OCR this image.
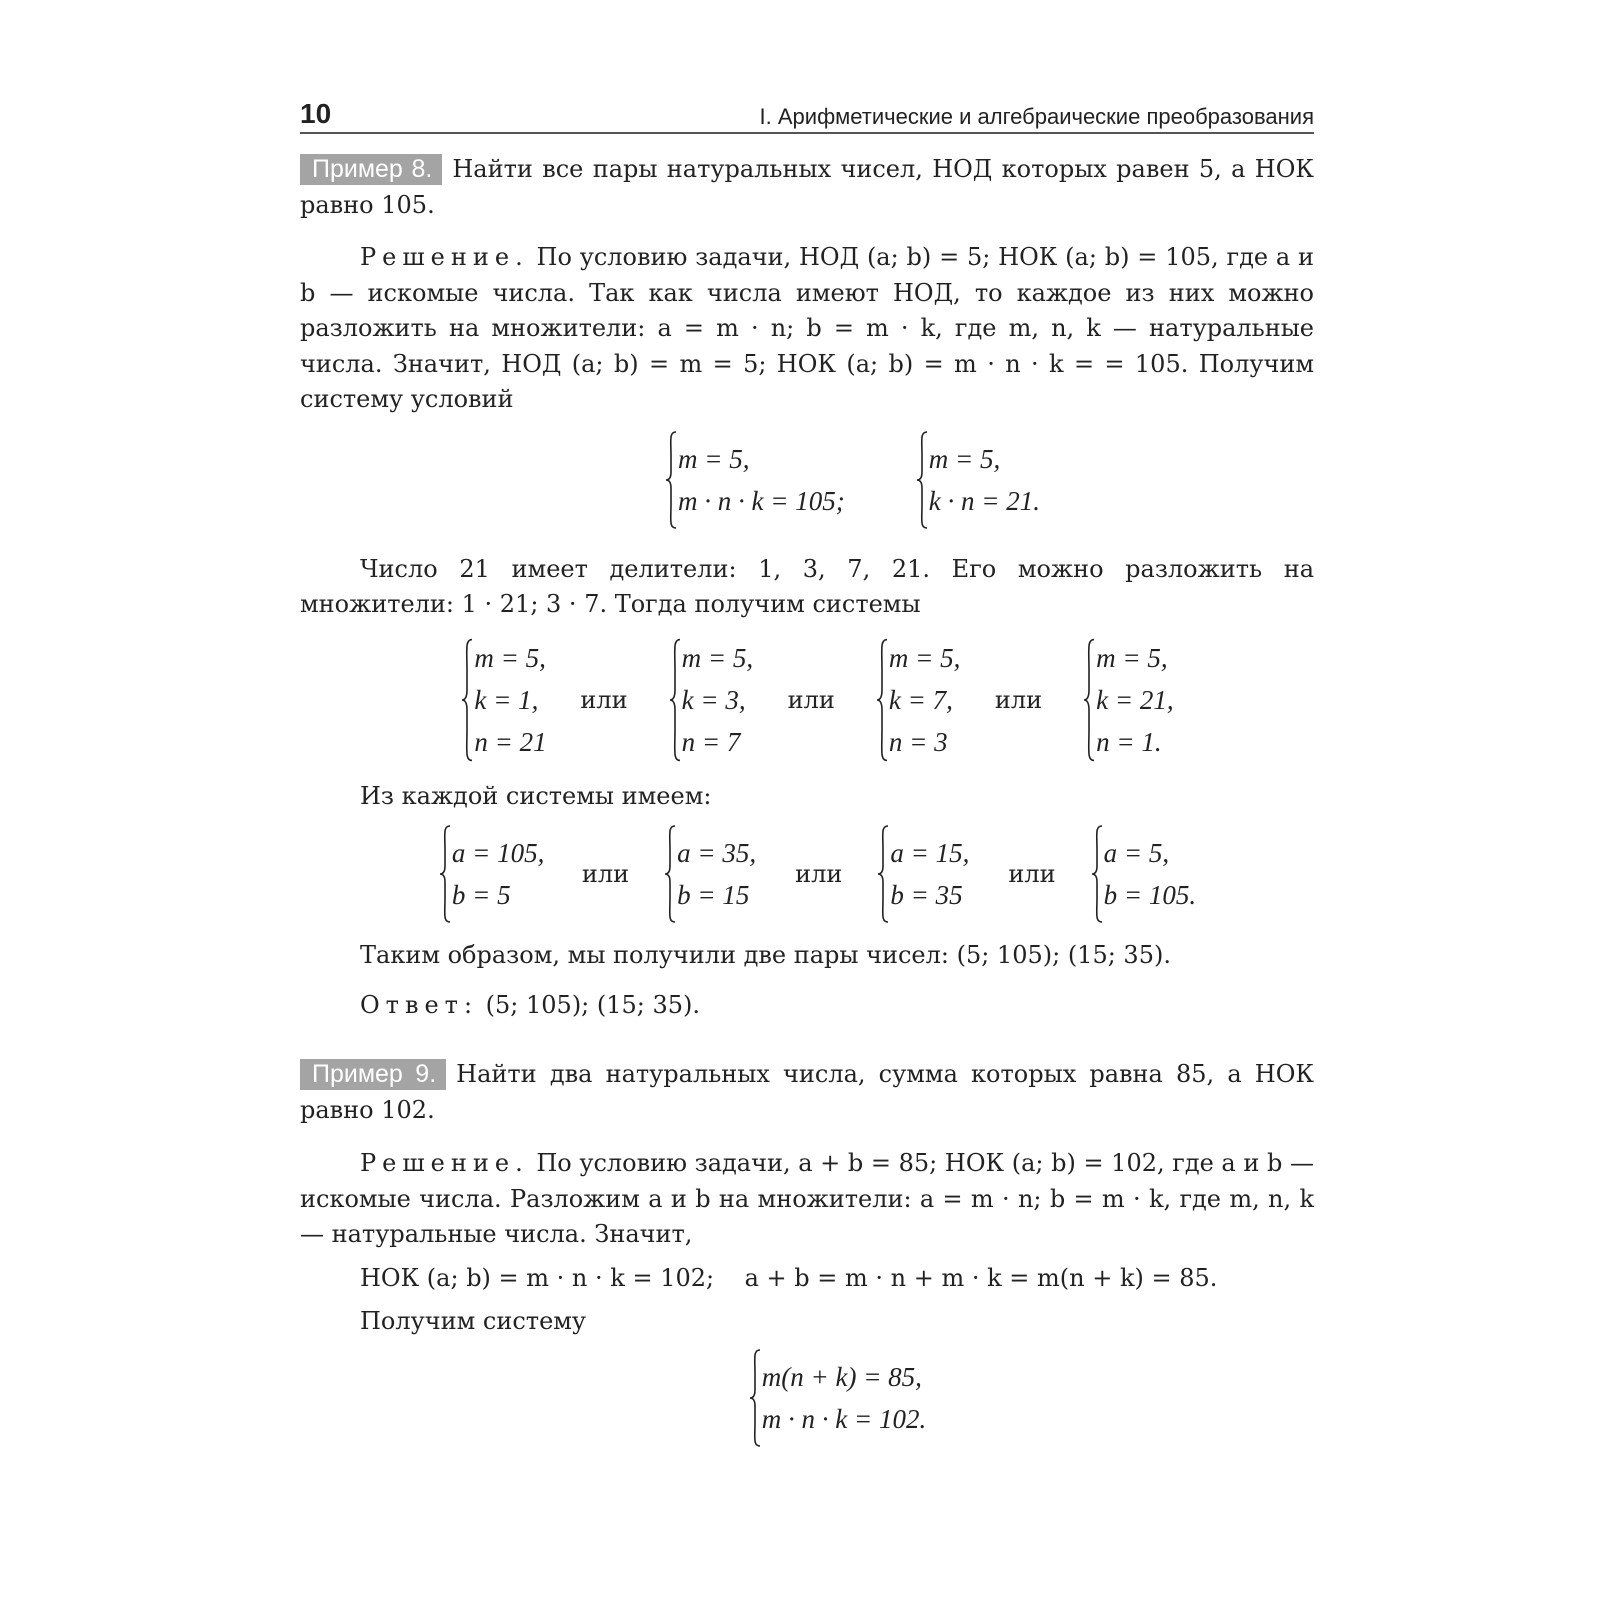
10	I. Арифметические и алгебраические преобразования

Пример 8. Найти все пары натуральных чисел, НОД которых равен 5, а НОК равно 105.

Решение. По условию задачи, НОД (a; b) = 5; НОК (a; b) = 105, где a и b — искомые числа. Так как числа имеют НОД, то каждое из них можно разложить на множители: a = m · n; b = m · k, где m, n, k — натуральные числа. Значит, НОД (a; b) = m = 5; НОК (a; b) = m · n · k = = 105. Получим систему условий

m = 5,
m · n · k = 105;
m = 5,
k · n = 21.

Число 21 имеет делители: 1, 3, 7, 21. Его можно разложить на множители: 1 · 21; 3 · 7. Тогда получим системы

m = 5,
k = 1,
n = 21
или
m = 5,
k = 3,
n = 7
или
m = 5,
k = 7,
n = 3
или
m = 5,
k = 21,
n = 1.

Из каждой системы имеем:

a = 105,
b = 5
или
a = 35,
b = 15
или
a = 15,
b = 35
или
a = 5,
b = 105.

Таким образом, мы получили две пары чисел: (5; 105); (15; 35).

Ответ: (5; 105); (15; 35).

Пример 9. Найти два натуральных числа, сумма которых равна 85, а НОК равно 102.

Решение. По условию задачи, a + b = 85; НОК (a; b) = 102, где a и b — искомые числа. Разложим a и b на множители: a = m · n; b = m · k, где m, n, k — натуральные числа. Значит,

НОК (a; b) = m · n · k = 102;    a + b = m · n + m · k = m(n + k) = 85.

Получим систему

m(n + k) = 85,
m · n · k = 102.
